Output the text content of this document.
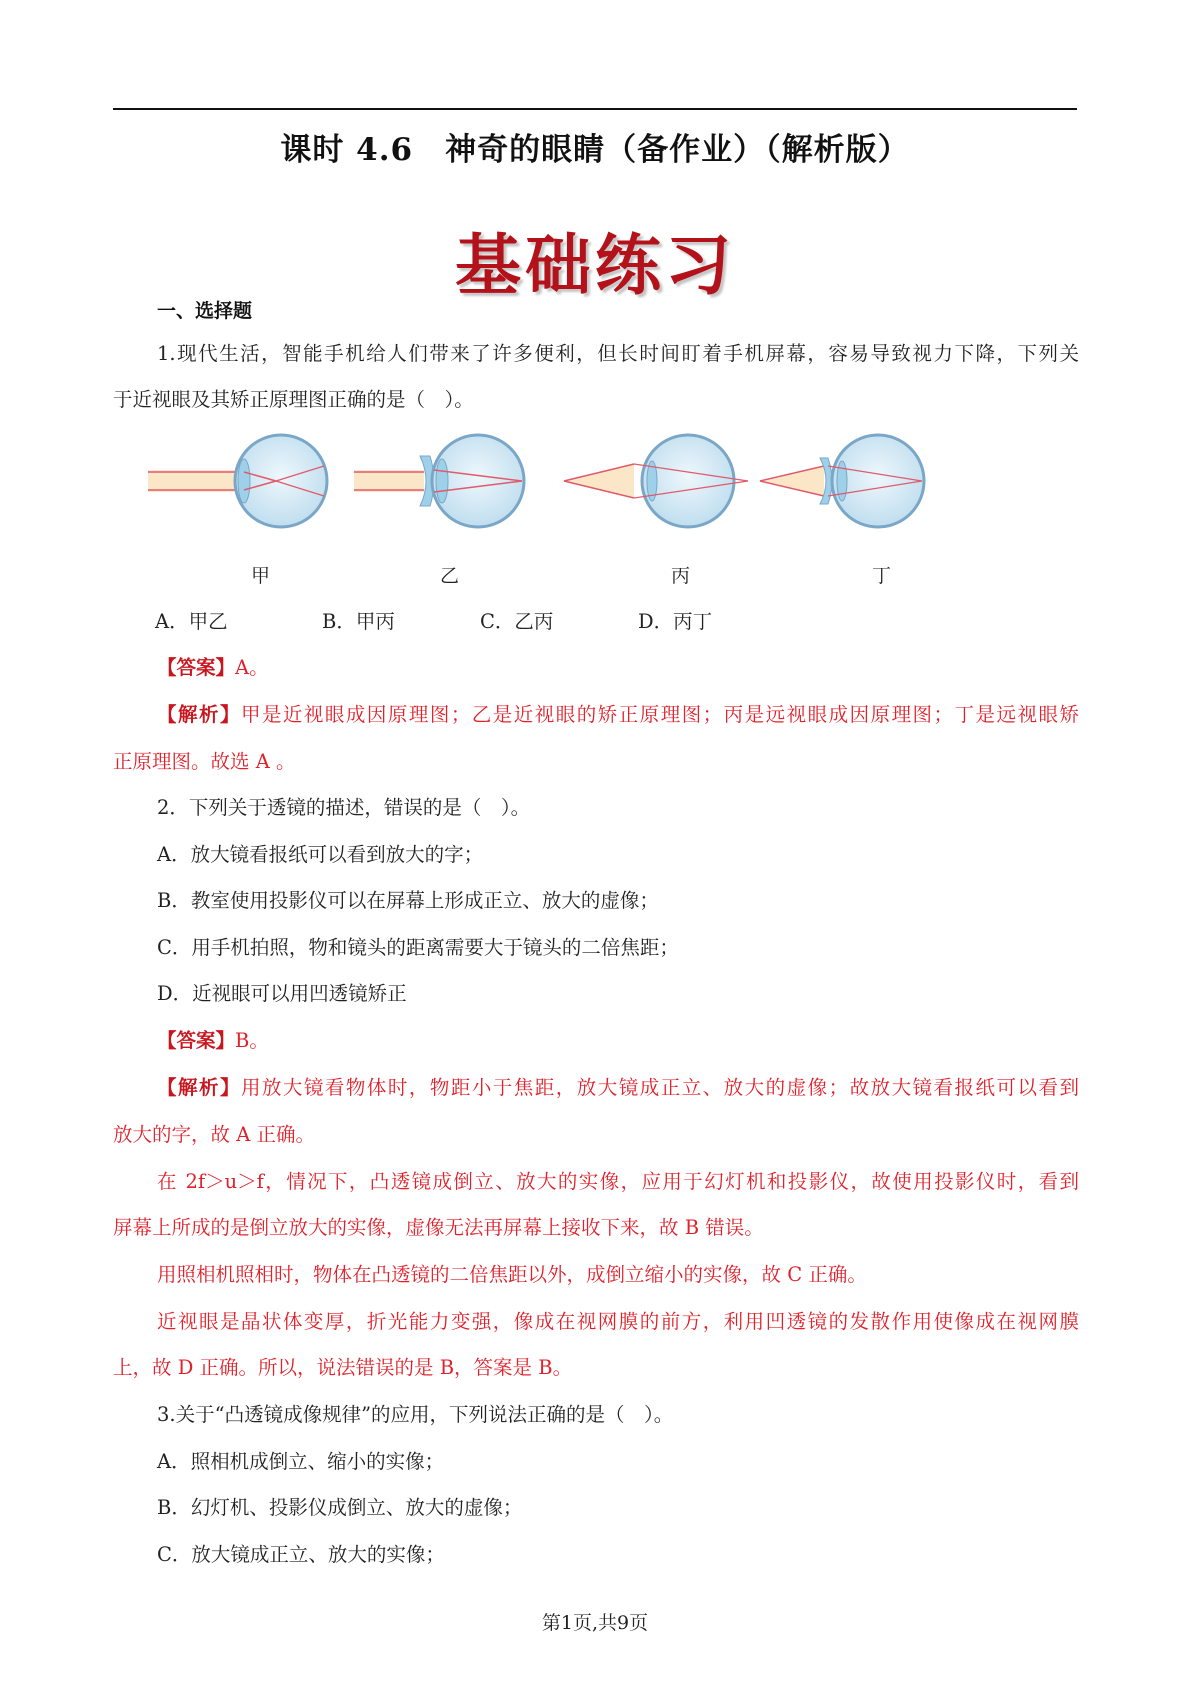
课时 4.6　神奇的眼睛（备作业）（解析版）
基础练习
一、选择题
1.现代生活，智能手机给人们带来了许多便利，但长时间盯着手机屏幕，容易导致视力下降，下列关
于近视眼及其矫正原理图正确的是（　）。
甲	乙	丙	丁
A．甲乙	B．甲丙	C．乙丙	D．丙丁
【答案】A。
【解析】甲是近视眼成因原理图；乙是近视眼的矫正原理图；丙是远视眼成因原理图；丁是远视眼矫
正原理图。故选 A 。
2．下列关于透镜的描述，错误的是（　）。
A．放大镜看报纸可以看到放大的字；
B．教室使用投影仪可以在屏幕上形成正立、放大的虚像；
C．用手机拍照，物和镜头的距离需要大于镜头的二倍焦距；
D．近视眼可以用凹透镜矫正
【答案】B。
【解析】用放大镜看物体时，物距小于焦距，放大镜成正立、放大的虚像；故放大镜看报纸可以看到
放大的字，故 A 正确。
在 2f＞u＞f，情况下，凸透镜成倒立、放大的实像，应用于幻灯机和投影仪，故使用投影仪时，看到
屏幕上所成的是倒立放大的实像，虚像无法再屏幕上接收下来，故 B 错误。
用照相机照相时，物体在凸透镜的二倍焦距以外，成倒立缩小的实像，故 C 正确。
近视眼是晶状体变厚，折光能力变强，像成在视网膜的前方，利用凹透镜的发散作用使像成在视网膜
上，故 D 正确。所以，说法错误的是 B，答案是 B。
3.关于“凸透镜成像规律”的应用，下列说法正确的是（　）。
A．照相机成倒立、缩小的实像；
B．幻灯机、投影仪成倒立、放大的虚像；
C．放大镜成正立、放大的实像；
第1页,共9页
